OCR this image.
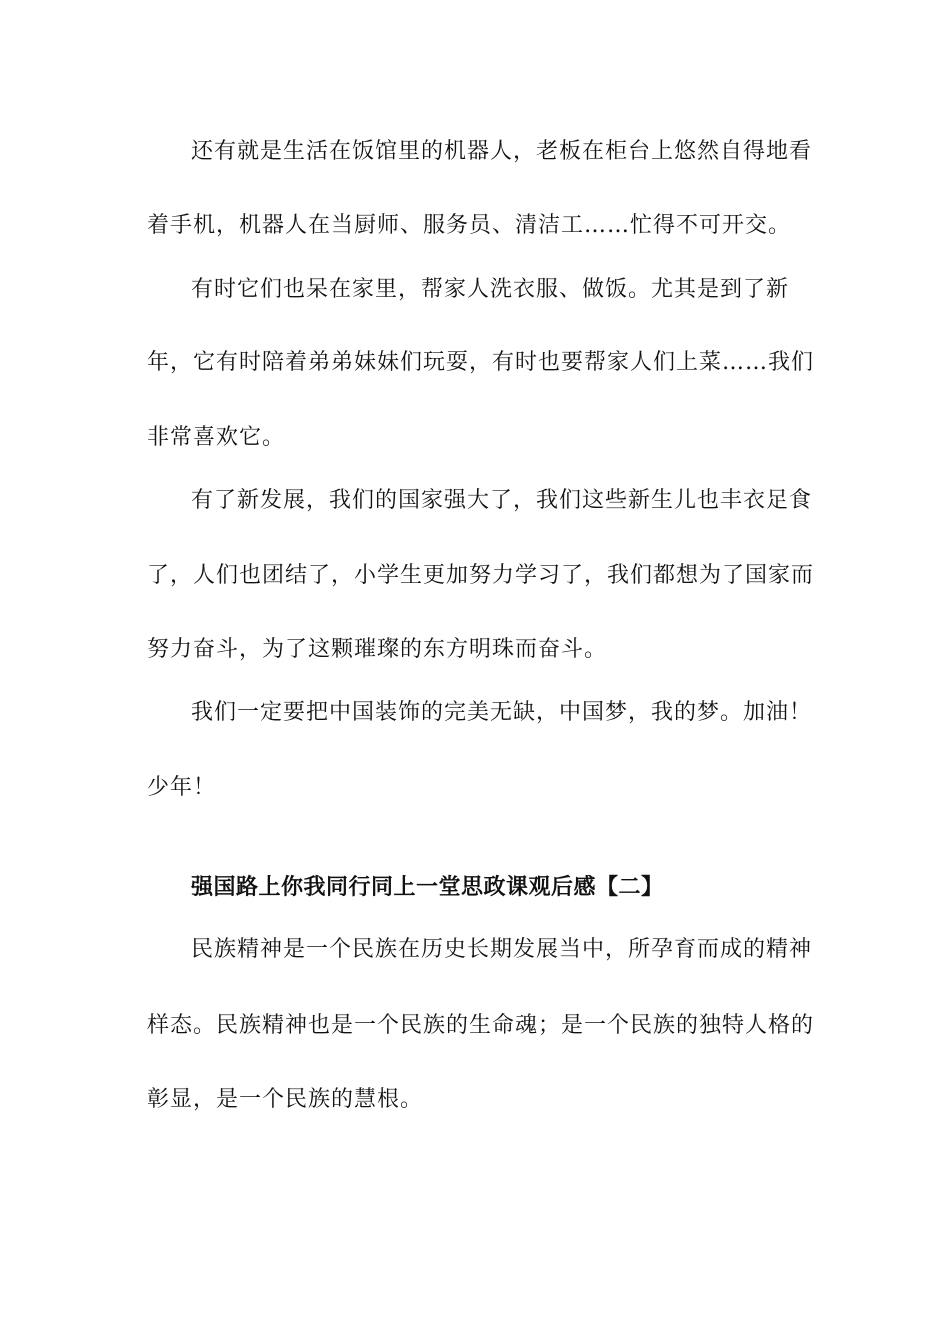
还有就是生活在饭馆里的机器人，老板在柜台上悠然自得地看
着手机，机器人在当厨师、服务员、清洁工……忙得不可开交。
有时它们也呆在家里，帮家人洗衣服、做饭。尤其是到了新
年，它有时陪着弟弟妹妹们玩耍，有时也要帮家人们上菜……我们
非常喜欢它。
有了新发展，我们的国家强大了，我们这些新生儿也丰衣足食
了，人们也团结了，小学生更加努力学习了，我们都想为了国家而
努力奋斗，为了这颗璀璨的东方明珠而奋斗。
我们一定要把中国装饰的完美无缺，中国梦，我的梦。加油！
少年！
强国路上你我同行同上一堂思政课观后感【二】
民族精神是一个民族在历史长期发展当中，所孕育而成的精神
样态。民族精神也是一个民族的生命魂；是一个民族的独特人格的
彰显，是一个民族的慧根。
